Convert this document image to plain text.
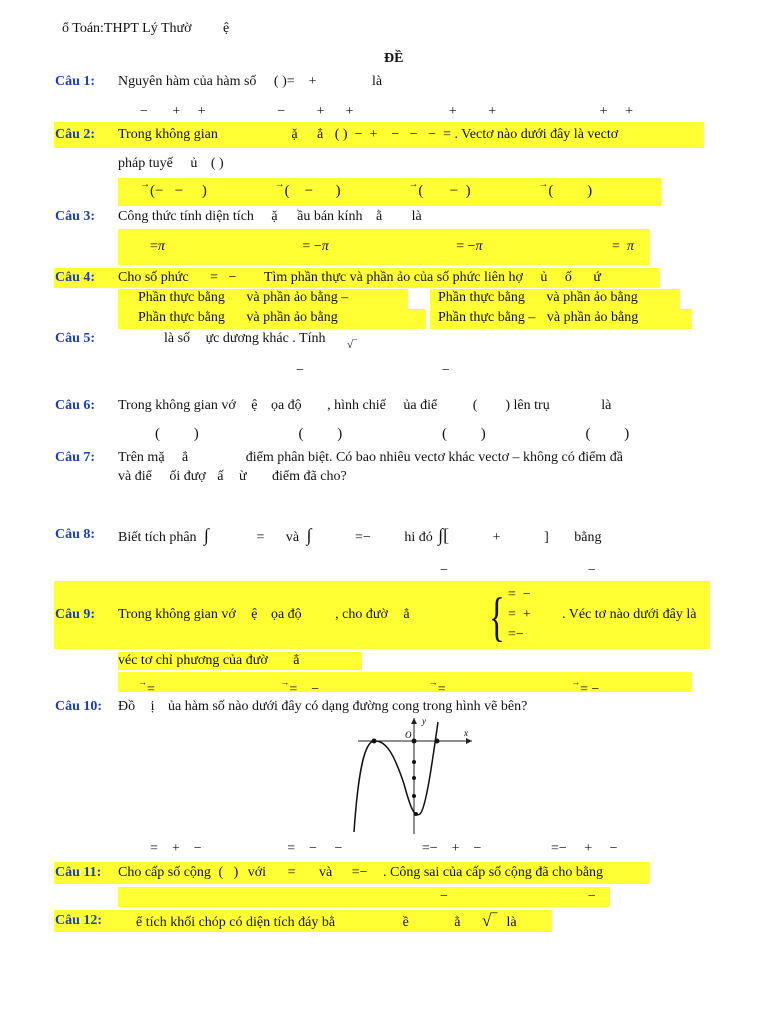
ổ Toán:THPT Lý Thườ ệ
ĐỀ
Câu 1: Nguyên hàm của hàm số ( )=    +	là
−       +     +	−         +      +	+         +	+     +
Câu 2: Trong không gian	ặ ẳ ( )  −  +    −   −   −  = . Vectơ nào dưới đây là vectơ
pháp tuyế ủ ( )
→(−   −     )	→(    −      )	→(       −  )	→(         )
Câu 3: Công thức tính diện tích ặ ầu bán kính ằ là
=π	= −π	= −π	=  π
Câu 4: Cho số phức =   − Tìm phần thực và phần ảo của số phức liên hợ ủ ố ứ
Phần thực bằng và phần ảo bằng –	Phần thực bằng và phần ảo bằng
Phần thực bằng và phần ảo bằng	Phần thực bằng – và phần ảo bằng
Câu 5:	là số ực dương khác . Tính $_{√‾}$
−	−
Câu 6: Trong không gian vớ ệ ọa độ , hình chiế ủa điể	(        ) lên trụ	là
(         )	(         )	(         )	(         )
Câu 7: Trên mặ ẳ	điểm phân biệt. Có bao nhiêu vectơ khác vectơ – không có điểm đầ
và điể ối đượ ấ ừ điểm đã cho?
Câu 8: Biết tích phân ∫	= và ∫	=− hi đó ∫[	+	] bằng
−	−
Câu 9: Trong không gian vớ ệ ọa độ , cho đườ ẳ { =  −
=  +
=−
. Véc tơ nào dưới đây là
véc tơ chỉ phương của đườ ẳ
→=	→=    −	→=	→= −
Câu 10: Đồ ị ủa hàm số nào dưới đây có dạng đường cong trong hình vẽ bên?
y
x
O
=    +    −	=    −     −	=−    +    −	=−     +     −
Câu 11: Cho cấp số cộng (   ) với = và =− . Công sai của cấp số cộng đã cho bằng
−	−
Câu 12: ể tích khối chóp có diện tích đáy bằ	ề	ằ √‾ là
